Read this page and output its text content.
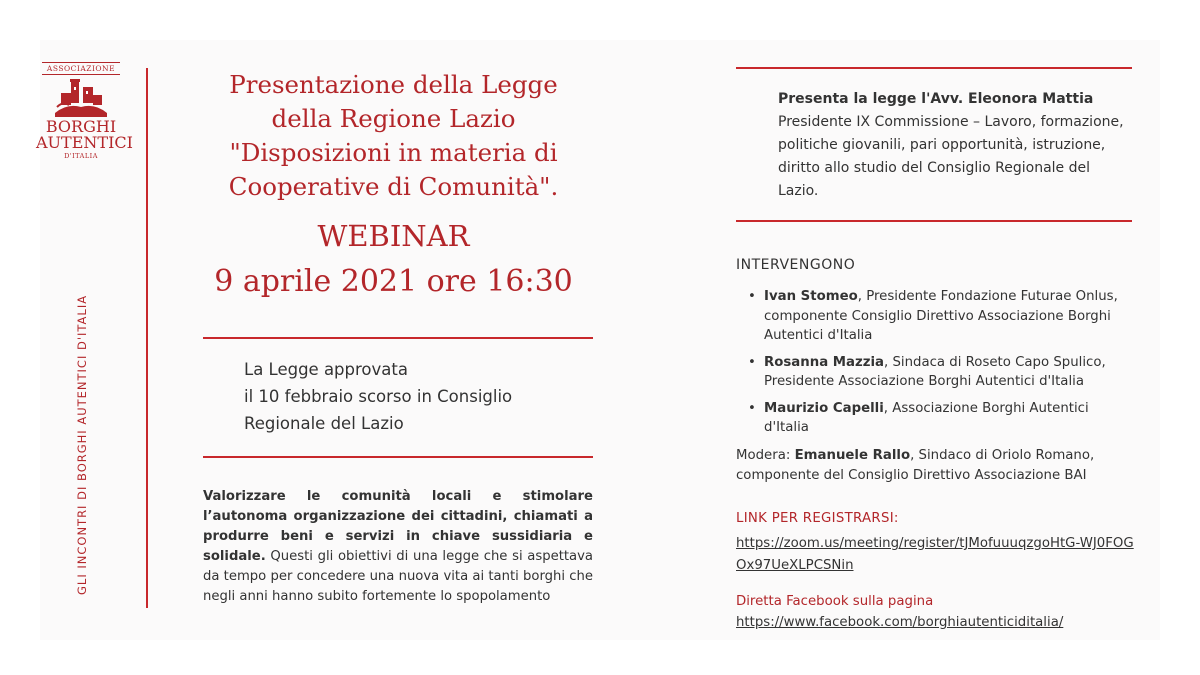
ASSOCIAZIONE
BORGHI
AUTENTICI
D'ITALIA
GLI INCONTRI DI BORGHI AUTENTICI D'ITALIA
Presentazione della Legge
della Regione Lazio
"Disposizioni in materia di
Cooperative di Comunità".
WEBINAR
9 aprile 2021 ore 16:30
La Legge approvata
il 10 febbraio scorso in Consiglio
Regionale del Lazio
Valorizzare le comunità locali e stimolare l’autonoma organizzazione dei cittadini, chiamati a produrre beni e servizi in chiave sussidiaria e solidale. Questi gli obiettivi di una legge che si aspettava da tempo per concedere una nuova vita ai tanti borghi che negli anni hanno subito fortemente lo spopolamento
Presenta la legge l'Avv. Eleonora Mattia
Presidente IX Commissione – Lavoro, formazione, politiche giovanili, pari opportunità, istruzione, diritto allo studio del Consiglio Regionale del Lazio.
INTERVENGONO
• Ivan Stomeo, Presidente Fondazione Futurae Onlus, componente Consiglio Direttivo Associazione Borghi Autentici d'Italia
• Rosanna Mazzia, Sindaca di Roseto Capo Spulico, Presidente Associazione Borghi Autentici d'Italia
• Maurizio Capelli, Associazione Borghi Autentici d'Italia
Modera: Emanuele Rallo, Sindaco di Oriolo Romano, componente del Consiglio Direttivo Associazione BAI
LINK PER REGISTRARSI:
https://zoom.us/meeting/register/tJMofuuuqzgoHtG-WJ0FOGOx97UeXLPCSNin
Diretta Facebook sulla pagina
https://www.facebook.com/borghiautenticiditalia/
